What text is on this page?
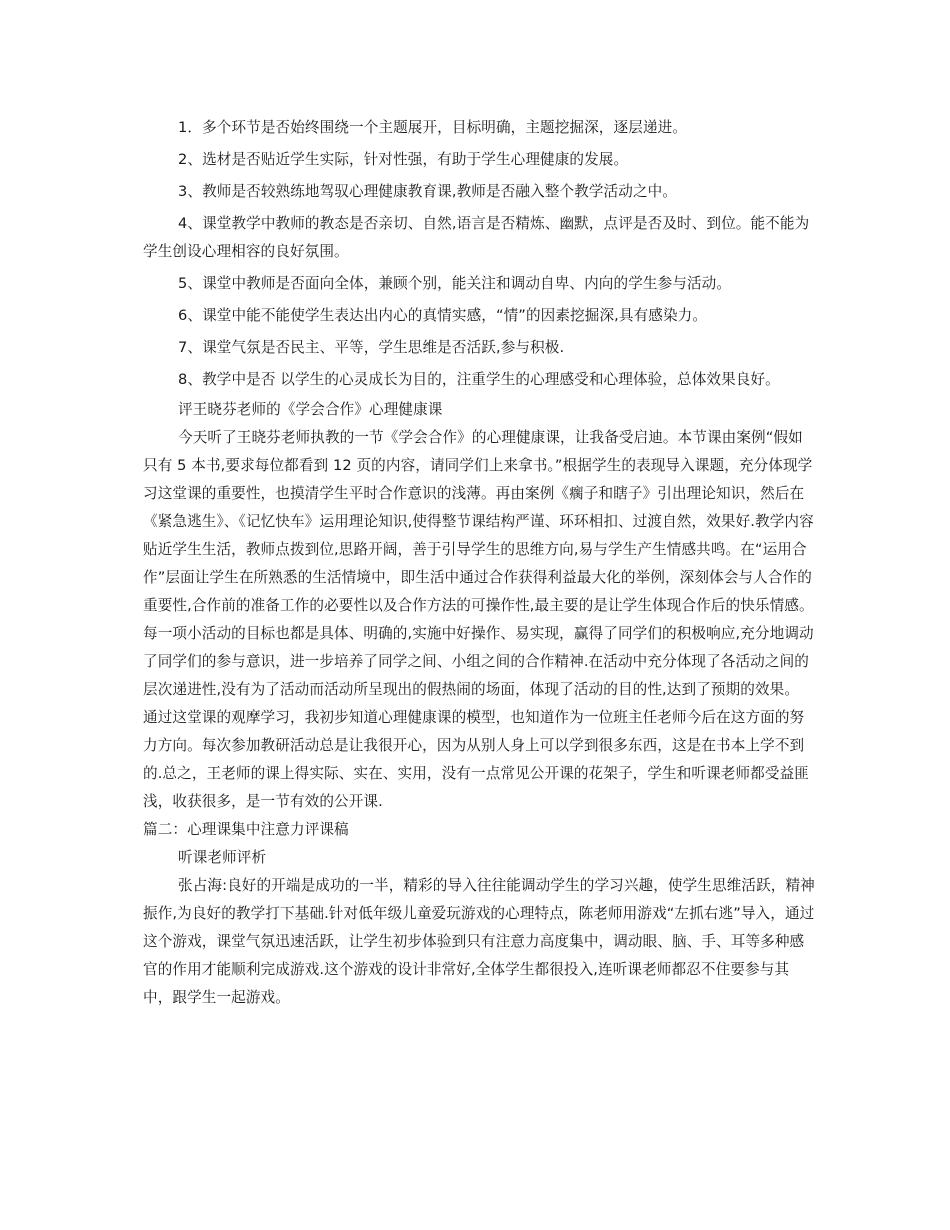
1．多个环节是否始终围绕一个主题展开，目标明确，主题挖掘深，逐层递进。

2、选材是否贴近学生实际，针对性强，有助于学生心理健康的发展。

3、教师是否较熟练地驾驭心理健康教育课,教师是否融入整个教学活动之中。

4、课堂教学中教师的教态是否亲切、自然,语言是否精炼、幽默，点评是否及时、到位。能不能为学生创设心理相容的良好氛围。

5、课堂中教师是否面向全体，兼顾个别，能关注和调动自卑、内向的学生参与活动。

6、课堂中能不能使学生表达出内心的真情实感，“情”的因素挖掘深,具有感染力。

7、课堂气氛是否民主、平等，学生思维是否活跃,参与积极.

8、教学中是否 以学生的心灵成长为目的，注重学生的心理感受和心理体验，总体效果良好。

评王晓芬老师的《学会合作》心理健康课

今天听了王晓芬老师执教的一节《学会合作》的心理健康课，让我备受启迪。本节课由案例“假如只有 5 本书,要求每位都看到 12 页的内容，请同学们上来拿书。”根据学生的表现导入课题，充分体现学习这堂课的重要性，也摸清学生平时合作意识的浅薄。再由案例《瘸子和瞎子》引出理论知识，然后在《紧急逃生》、《记忆快车》运用理论知识,使得整节课结构严谨、环环相扣、过渡自然，效果好.教学内容贴近学生生活，教师点拨到位,思路开阔，善于引导学生的思维方向,易与学生产生情感共鸣。在“运用合作”层面让学生在所熟悉的生活情境中，即生活中通过合作获得利益最大化的举例，深刻体会与人合作的重要性,合作前的准备工作的必要性以及合作方法的可操作性,最主要的是让学生体现合作后的快乐情感。每一项小活动的目标也都是具体、明确的,实施中好操作、易实现，赢得了同学们的积极响应,充分地调动了同学们的参与意识，进一步培养了同学之间、小组之间的合作精神.在活动中充分体现了各活动之间的层次递进性,没有为了活动而活动所呈现出的假热闹的场面，体现了活动的目的性,达到了预期的效果。 通过这堂课的观摩学习，我初步知道心理健康课的模型，也知道作为一位班主任老师今后在这方面的努力方向。每次参加教研活动总是让我很开心，因为从别人身上可以学到很多东西，这是在书本上学不到的.总之，王老师的课上得实际、实在、实用，没有一点常见公开课的花架子，学生和听课老师都受益匪浅，收获很多，是一节有效的公开课.

篇二：心理课集中注意力评课稿

听课老师评析

张占海:良好的开端是成功的一半，精彩的导入往往能调动学生的学习兴趣，使学生思维活跃，精神振作,为良好的教学打下基础.针对低年级儿童爱玩游戏的心理特点，陈老师用游戏“左抓右逃”导入，通过这个游戏，课堂气氛迅速活跃，让学生初步体验到只有注意力高度集中，调动眼、脑、手、耳等多种感官的作用才能顺利完成游戏.这个游戏的设计非常好,全体学生都很投入,连听课老师都忍不住要参与其中，跟学生一起游戏。
